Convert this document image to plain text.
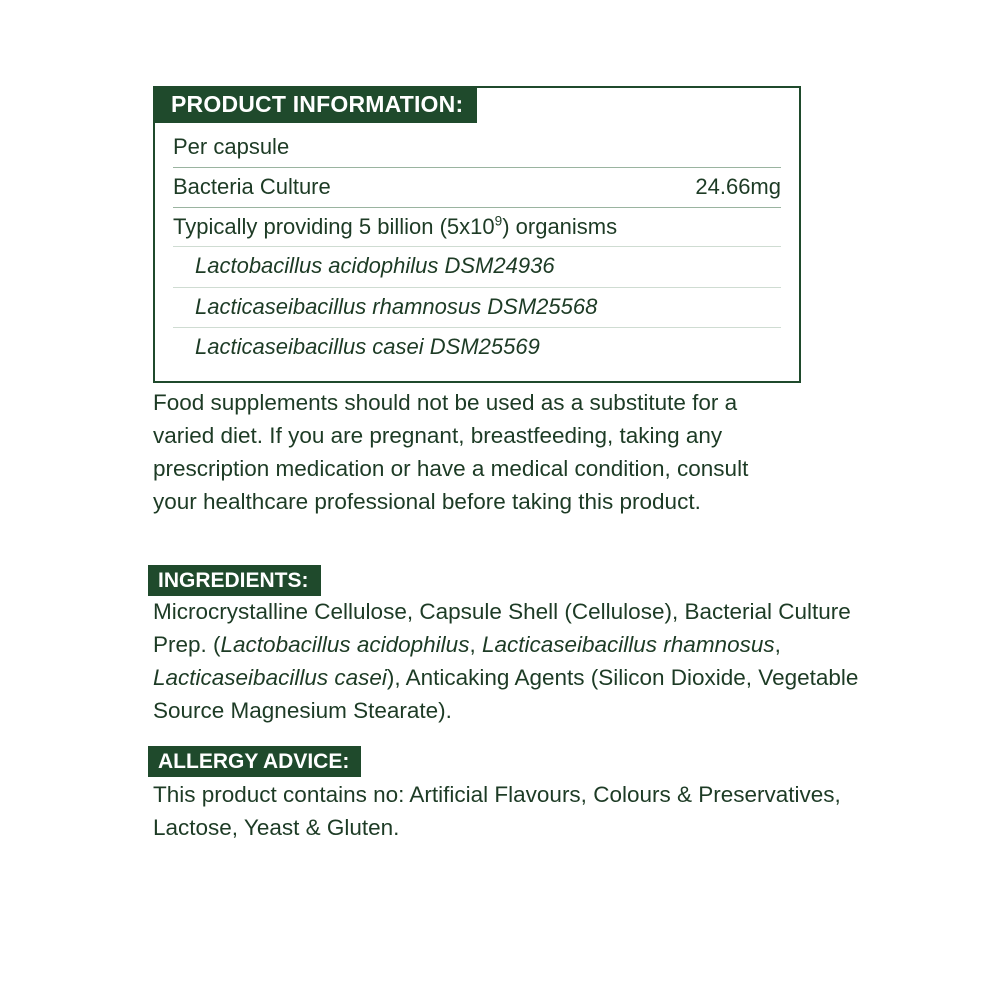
PRODUCT INFORMATION:
Per capsule
Bacteria Culture	24.66mg
Typically providing 5 billion $(5x10^9)$ organisms
Lactobacillus acidophilus DSM24936
Lacticaseibacillus rhamnosus DSM25568
Lacticaseibacillus casei DSM25569
Food supplements should not be used as a substitute for a varied diet. If you are pregnant, breastfeeding, taking any prescription medication or have a medical condition, consult your healthcare professional before taking this product.
INGREDIENTS:
Microcrystalline Cellulose, Capsule Shell (Cellulose), Bacterial Culture Prep. (Lactobacillus acidophilus, Lacticaseibacillus rhamnosus, Lacticaseibacillus casei), Anticaking Agents (Silicon Dioxide, Vegetable Source Magnesium Stearate).
ALLERGY ADVICE:
This product contains no: Artificial Flavours, Colours & Preservatives, Lactose, Yeast & Gluten.
